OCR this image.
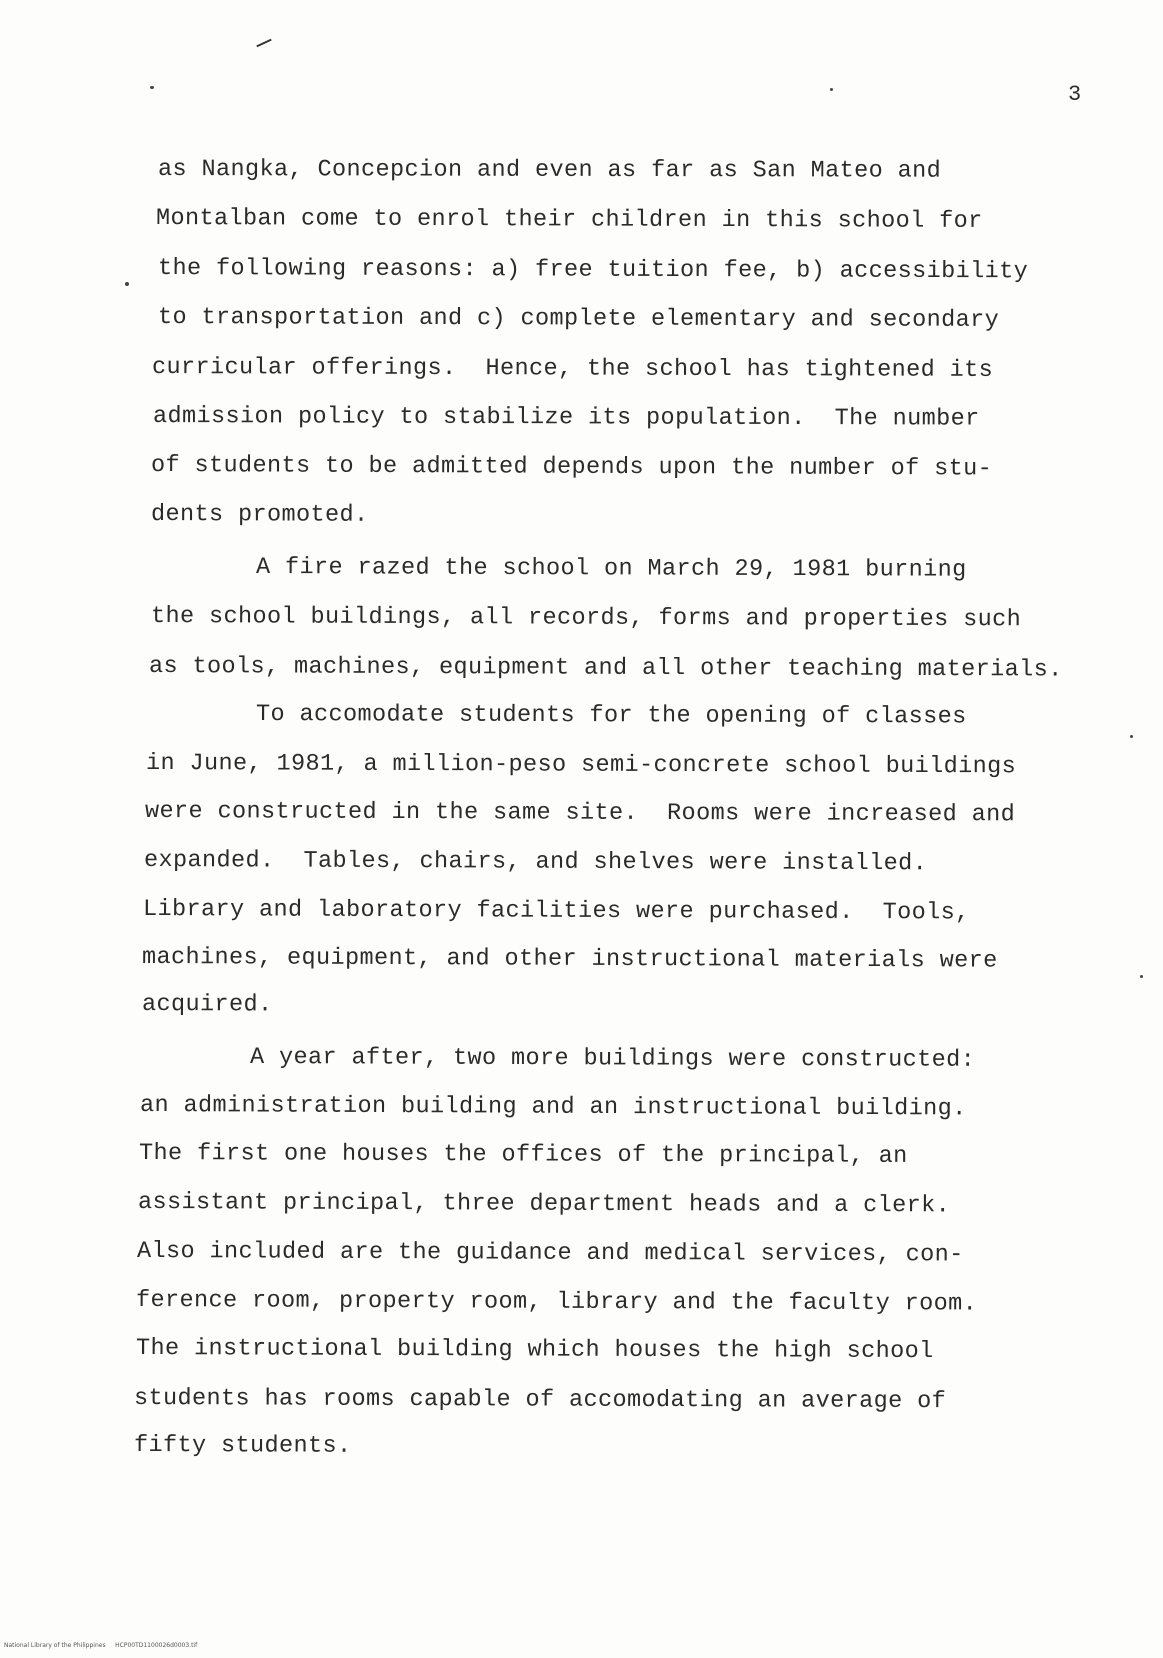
3
as Nangka, Concepcion and even as far as San Mateo and
Montalban come to enrol their children in this school for
the following reasons: a) free tuition fee, b) accessibility
to transportation and c) complete elementary and secondary
curricular offerings.  Hence, the school has tightened its
admission policy to stabilize its population.  The number
of students to be admitted depends upon the number of stu-
dents promoted.
A fire razed the school on March 29, 1981 burning
the school buildings, all records, forms and properties such
as tools, machines, equipment and all other teaching materials.
To accomodate students for the opening of classes
in June, 1981, a million-peso semi-concrete school buildings
were constructed in the same site.  Rooms were increased and
expanded.  Tables, chairs, and shelves were installed.
Library and laboratory facilities were purchased.  Tools,
machines, equipment, and other instructional materials were
acquired.
A year after, two more buildings were constructed:
an administration building and an instructional building.
The first one houses the offices of the principal, an
assistant principal, three department heads and a clerk.
Also included are the guidance and medical services, con-
ference room, property room, library and the faculty room.
The instructional building which houses the high school
students has rooms capable of accomodating an average of
fifty students.
National Library of the Philippines HCP00TD1100026d0003.tif
